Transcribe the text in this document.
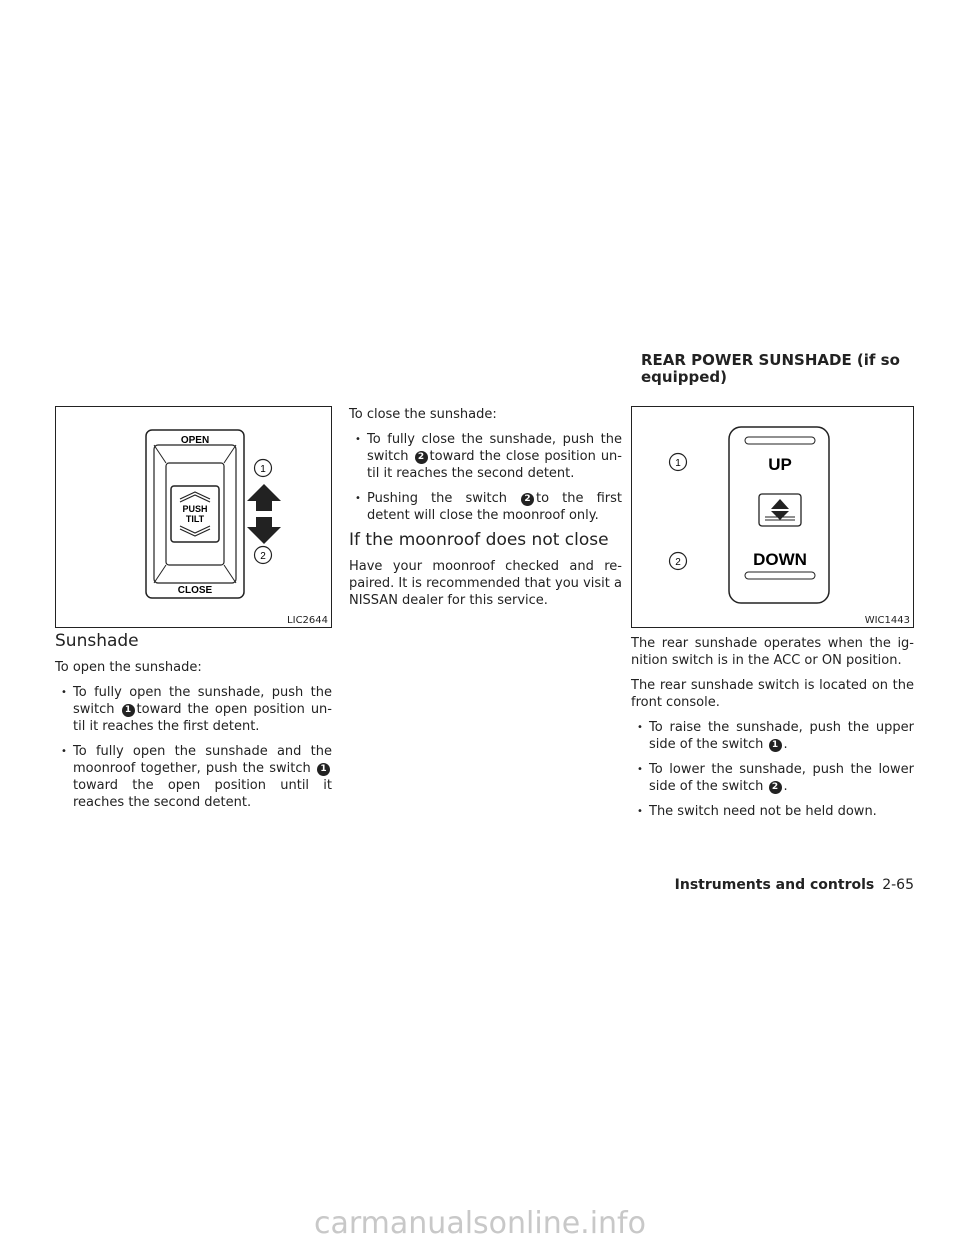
OPEN
CLOSE
PUSH
TILT
1
2
LIC2644
UP
DOWN
1
2
WIC1443
Sunshade

To open the sunshade:

• To fully open the sunshade, push the switch 1 toward the open position un-til it reaches the first detent.
• To fully open the sunshade and the moonroof together, push the switch 1 toward the open position until it reaches the second detent.

To close the sunshade:

• To fully close the sunshade, push the switch 2 toward the close position un-til it reaches the second detent.
• Pushing the switch 2 to the first detent will close the moonroof only.
If the moonroof does not close

Have your moonroof checked and re-paired. It is recommended that you visit a NISSAN dealer for this service.

REAR POWER SUNSHADE (if so equipped)

The rear sunshade operates when the ig-nition switch is in the ACC or ON position.

The rear sunshade switch is located on the front console.

• To raise the sunshade, push the upper side of the switch 1 .
• To lower the sunshade, push the lower side of the switch 2 .
• The switch need not be held down.
Instruments and controls 2-65
carmanualsonline.info
